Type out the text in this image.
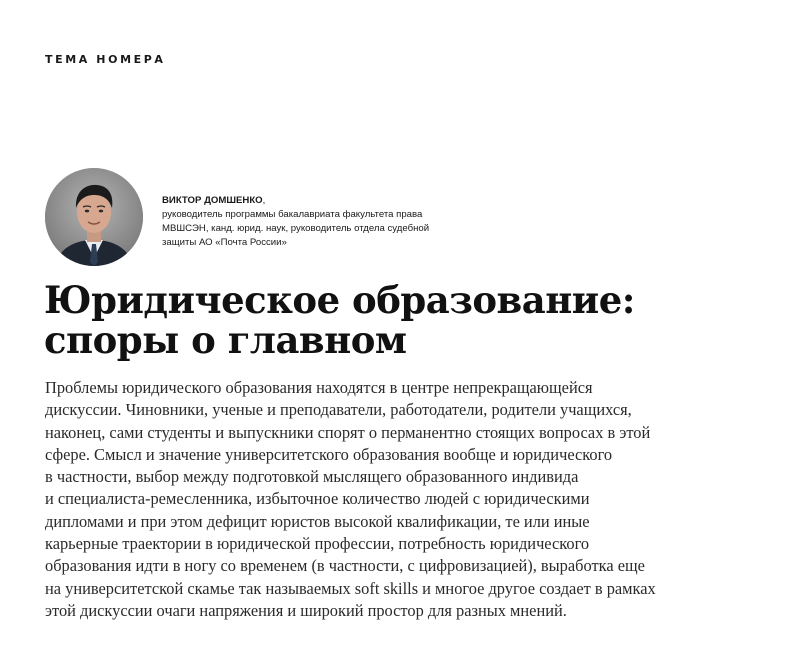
ТЕМА НОМЕРА
ВИКТОР ДОМШЕНКО,
руководитель программы бакалавриата факультета права
МВШСЭН, канд. юрид. наук, руководитель отдела судебной
защиты АО «Почта России»
Юридическое образование:
споры о главном

Проблемы юридического образования находятся в центре непрекращающейся
дискуссии. Чиновники, ученые и преподаватели, работодатели, родители учащихся,
наконец, сами студенты и выпускники спорят о перманентно стоящих вопросах в этой
сфере. Смысл и значение университетского образования вообще и юридического
в частности, выбор между подготовкой мыслящего образованного индивида
и специалиста-ремесленника, избыточное количество людей с юридическими
дипломами и при этом дефицит юристов высокой квалификации, те или иные
карьерные траектории в юридической профессии, потребность юридического
образования идти в ногу со временем (в частности, с цифровизацией), выработка еще
на университетской скамье так называемых soft skills и многое другое создает в рамках
этой дискуссии очаги напряжения и широкий простор для разных мнений.
